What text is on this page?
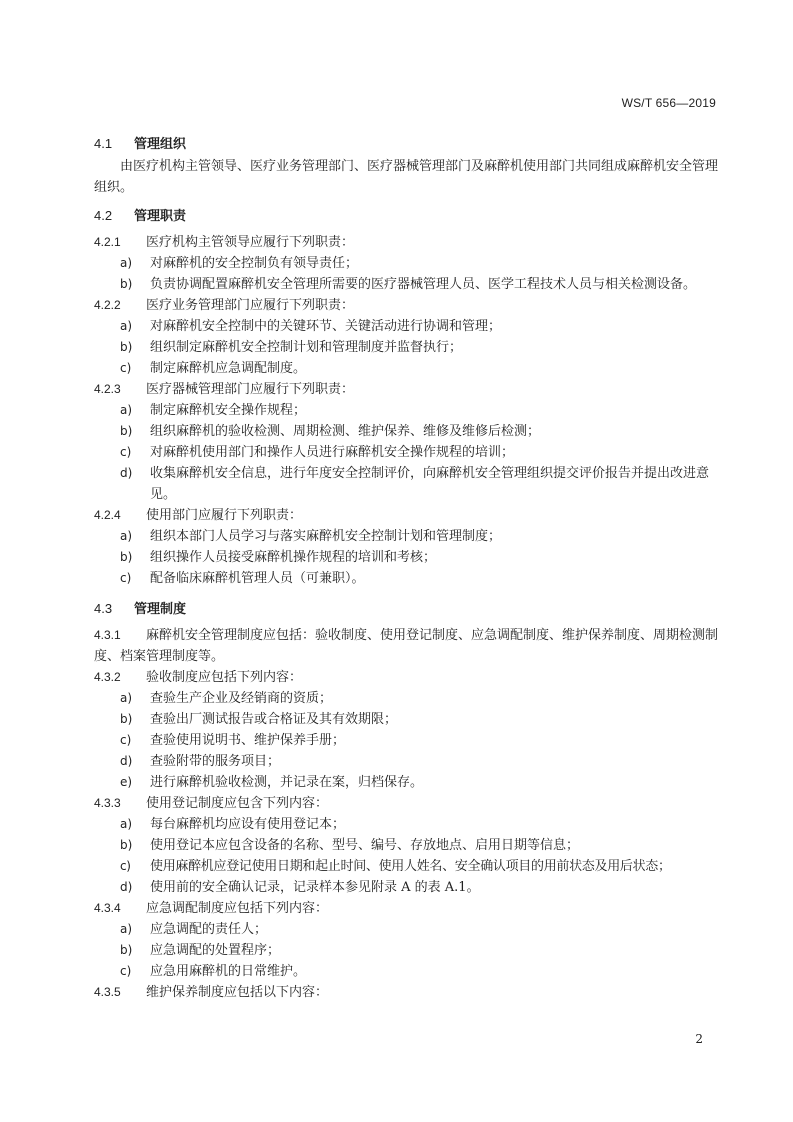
WS/T 656—2019
4.1 管理组织
由医疗机构主管领导、医疗业务管理部门、医疗器械管理部门及麻醉机使用部门共同组成麻醉机安全管理组织。
4.2 管理职责
4.2.1 医疗机构主管领导应履行下列职责：
a) 对麻醉机的安全控制负有领导责任；
b) 负责协调配置麻醉机安全管理所需要的医疗器械管理人员、医学工程技术人员与相关检测设备。
4.2.2 医疗业务管理部门应履行下列职责：
a) 对麻醉机安全控制中的关键环节、关键活动进行协调和管理；
b) 组织制定麻醉机安全控制计划和管理制度并监督执行；
c) 制定麻醉机应急调配制度。
4.2.3 医疗器械管理部门应履行下列职责：
a) 制定麻醉机安全操作规程；
b) 组织麻醉机的验收检测、周期检测、维护保养、维修及维修后检测；
c) 对麻醉机使用部门和操作人员进行麻醉机安全操作规程的培训；
d) 收集麻醉机安全信息，进行年度安全控制评价，向麻醉机安全管理组织提交评价报告并提出改进意见。
4.2.4 使用部门应履行下列职责：
a) 组织本部门人员学习与落实麻醉机安全控制计划和管理制度；
b) 组织操作人员接受麻醉机操作规程的培训和考核；
c) 配备临床麻醉机管理人员（可兼职）。
4.3 管理制度
4.3.1 麻醉机安全管理制度应包括：验收制度、使用登记制度、应急调配制度、维护保养制度、周期检测制度、档案管理制度等。
4.3.2 验收制度应包括下列内容：
a) 查验生产企业及经销商的资质；
b) 查验出厂测试报告或合格证及其有效期限；
c) 查验使用说明书、维护保养手册；
d) 查验附带的服务项目；
e) 进行麻醉机验收检测，并记录在案，归档保存。
4.3.3 使用登记制度应包含下列内容：
a) 每台麻醉机均应设有使用登记本；
b) 使用登记本应包含设备的名称、型号、编号、存放地点、启用日期等信息；
c) 使用麻醉机应登记使用日期和起止时间、使用人姓名、安全确认项目的用前状态及用后状态；
d) 使用前的安全确认记录，记录样本参见附录 A 的表 A.1。
4.3.4 应急调配制度应包括下列内容：
a) 应急调配的责任人；
b) 应急调配的处置程序；
c) 应急用麻醉机的日常维护。
4.3.5 维护保养制度应包括以下内容：
2
